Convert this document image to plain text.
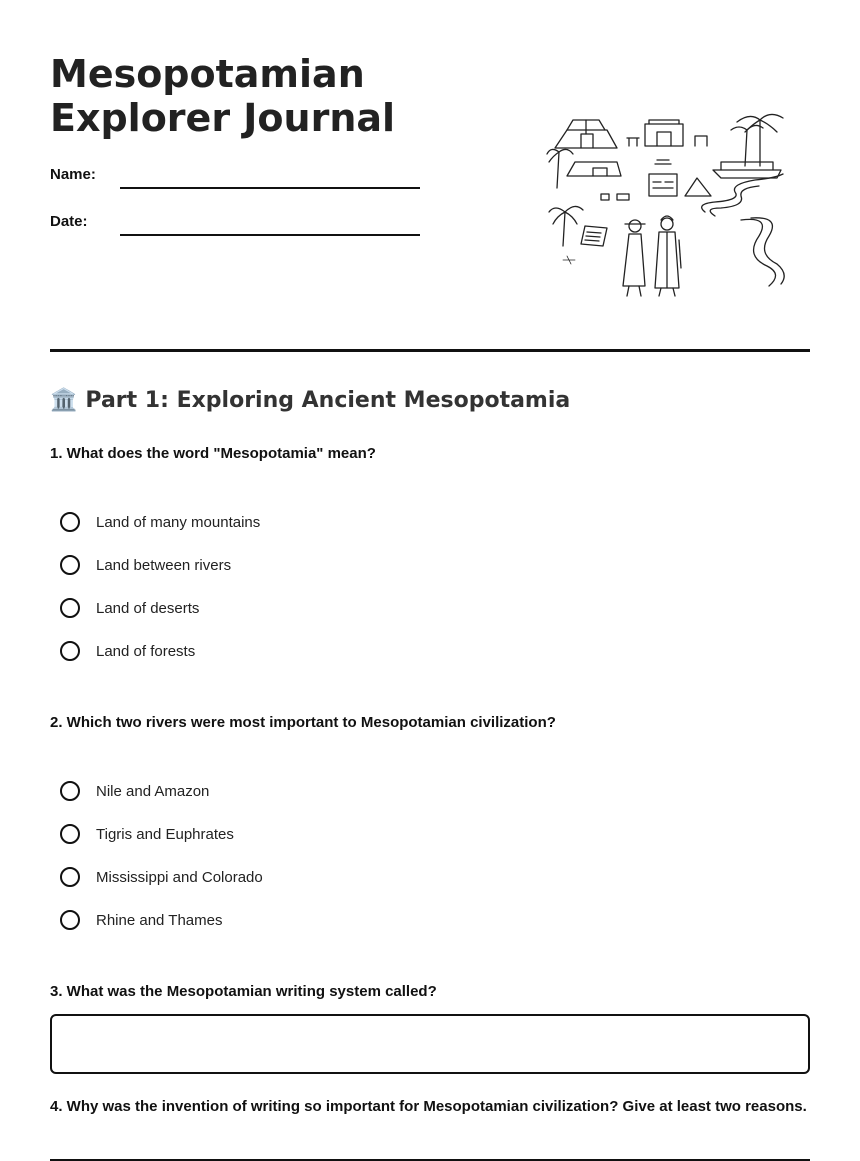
Mesopotamian Explorer Journal
Name:
Date:
🏛️ Part 1: Exploring Ancient Mesopotamia
1. What does the word "Mesopotamia" mean?
Land of many mountains
Land between rivers
Land of deserts
Land of forests
2. Which two rivers were most important to Mesopotamian civilization?
Nile and Amazon
Tigris and Euphrates
Mississippi and Colorado
Rhine and Thames
3. What was the Mesopotamian writing system called?
4. Why was the invention of writing so important for Mesopotamian civilization? Give at least two reasons.
